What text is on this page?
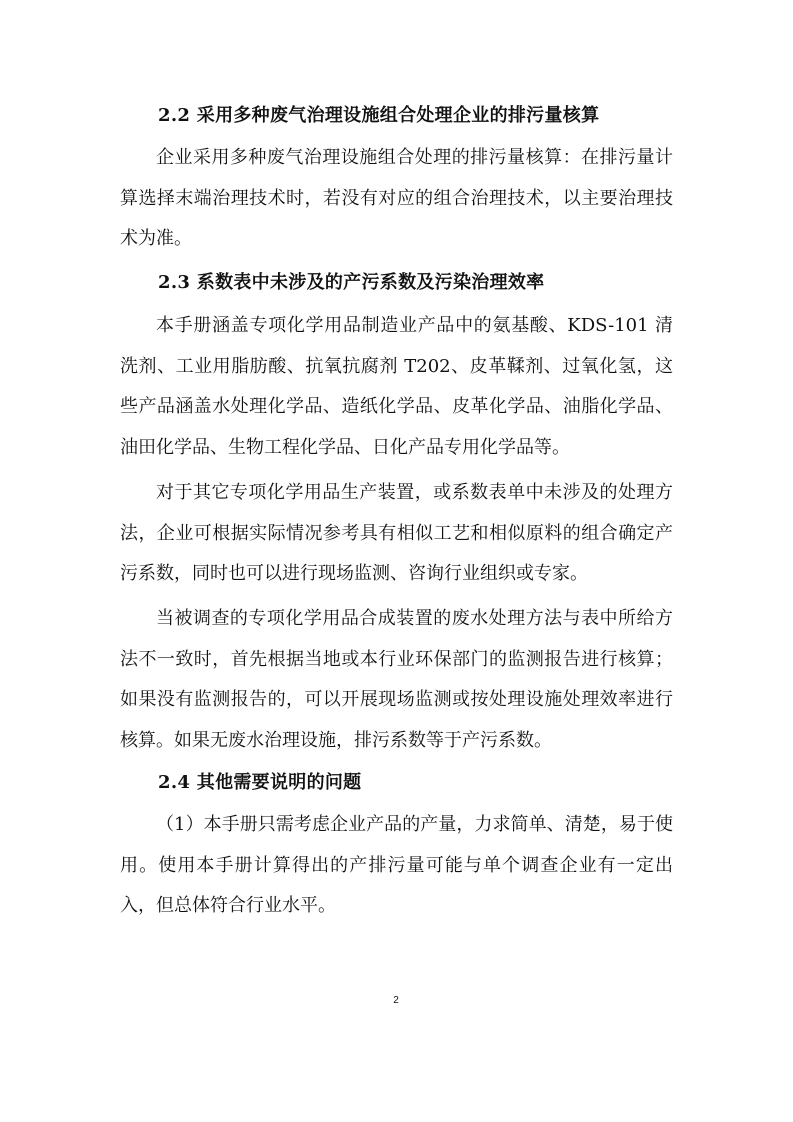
2.2 采用多种废气治理设施组合处理企业的排污量核算
企业采用多种废气治理设施组合处理的排污量核算：在排污量计算选择末端治理技术时，若没有对应的组合治理技术，以主要治理技术为准。
2.3 系数表中未涉及的产污系数及污染治理效率
本手册涵盖专项化学用品制造业产品中的氨基酸、KDS-101 清洗剂、工业用脂肪酸、抗氧抗腐剂 T202、皮革鞣剂、过氧化氢，这些产品涵盖水处理化学品、造纸化学品、皮革化学品、油脂化学品、油田化学品、生物工程化学品、日化产品专用化学品等。
对于其它专项化学用品生产装置，或系数表单中未涉及的处理方法，企业可根据实际情况参考具有相似工艺和相似原料的组合确定产污系数，同时也可以进行现场监测、咨询行业组织或专家。
当被调查的专项化学用品合成装置的废水处理方法与表中所给方法不一致时，首先根据当地或本行业环保部门的监测报告进行核算；如果没有监测报告的，可以开展现场监测或按处理设施处理效率进行核算。如果无废水治理设施，排污系数等于产污系数。
2.4 其他需要说明的问题
（1）本手册只需考虑企业产品的产量，力求简单、清楚，易于使用。使用本手册计算得出的产排污量可能与单个调查企业有一定出入，但总体符合行业水平。
2
